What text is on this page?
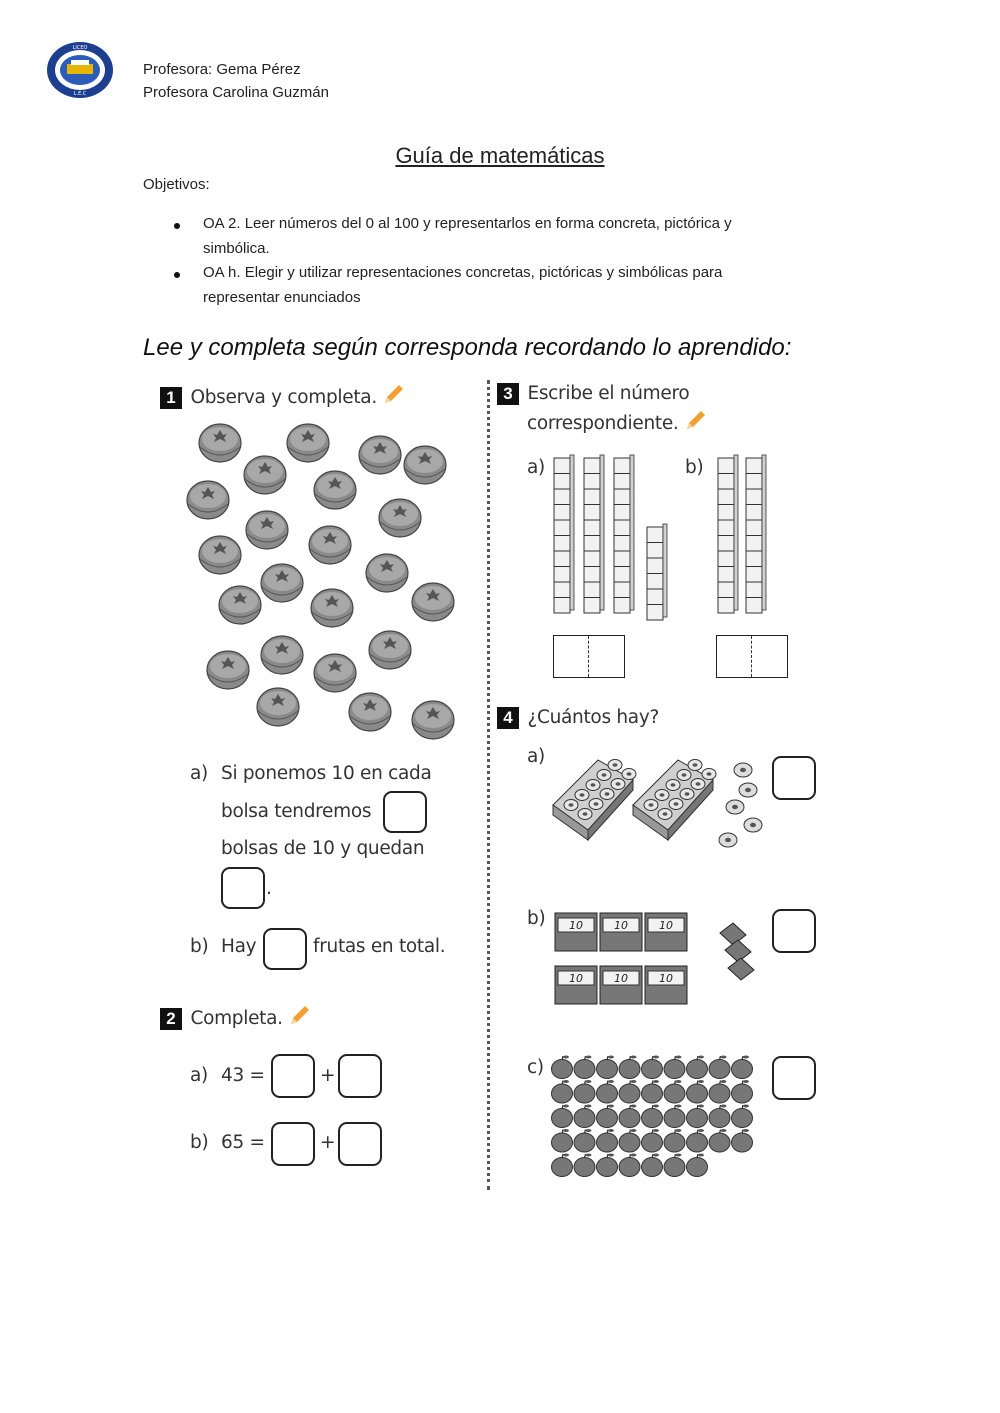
LICEO
L.E.C
Profesora: Gema Pérez
Profesora Carolina Guzmán
Guía de matemáticas
Objetivos:
OA 2. Leer números del 0 al 100 y representarlos en forma concreta, pictórica y
simbólica.
OA h. Elegir y utilizar representaciones concretas, pictóricas y simbólicas para
representar enunciados
Lee y completa según corresponda recordando lo aprendido:
1 Observa y completa.
a) Si ponemos 10 en cada
bolsa tendremos
bolsas de 10 y quedan
.
b) Hay	frutas en total.
2 Completa.
a) 43 =	+
b) 65 =	+
3 Escribe el número
correspondiente.
a)	b)
4 ¿Cuántos hay?
a)
b) 10	10	10
10	10	10
c)
